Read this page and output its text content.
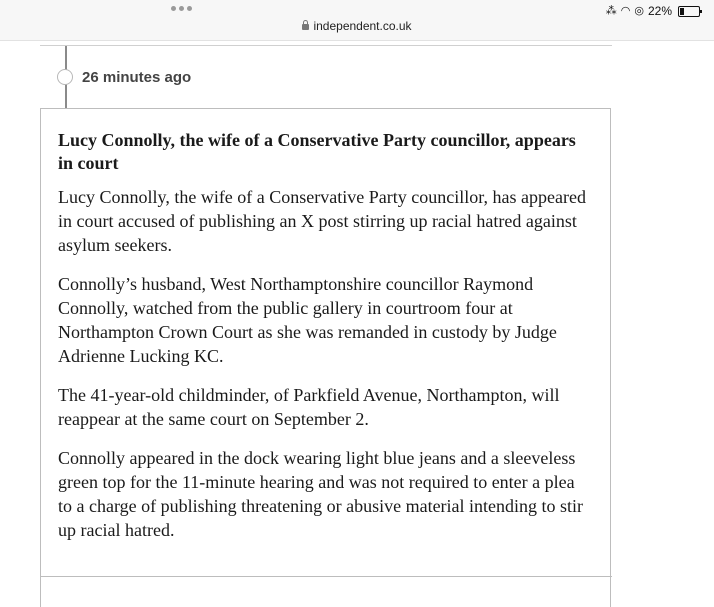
independent.co.uk
⁂ ◠ ◎ 22%
26 minutes ago
Lucy Connolly, the wife of a Conservative Party councillor, appears in court

Lucy Connolly, the wife of a Conservative Party councillor, has appeared in court accused of publishing an X post stirring up racial hatred against asylum seekers.

Connolly’s husband, West Northamptonshire councillor Raymond Connolly, watched from the public gallery in courtroom four at Northampton Crown Court as she was remanded in custody by Judge Adrienne Lucking KC.

The 41-year-old childminder, of Parkfield Avenue, Northampton, will reappear at the same court on September 2.

Connolly appeared in the dock wearing light blue jeans and a sleeveless green top for the 11-minute hearing and was not required to enter a plea to a charge of publishing threatening or abusive material intending to stir up racial hatred.
